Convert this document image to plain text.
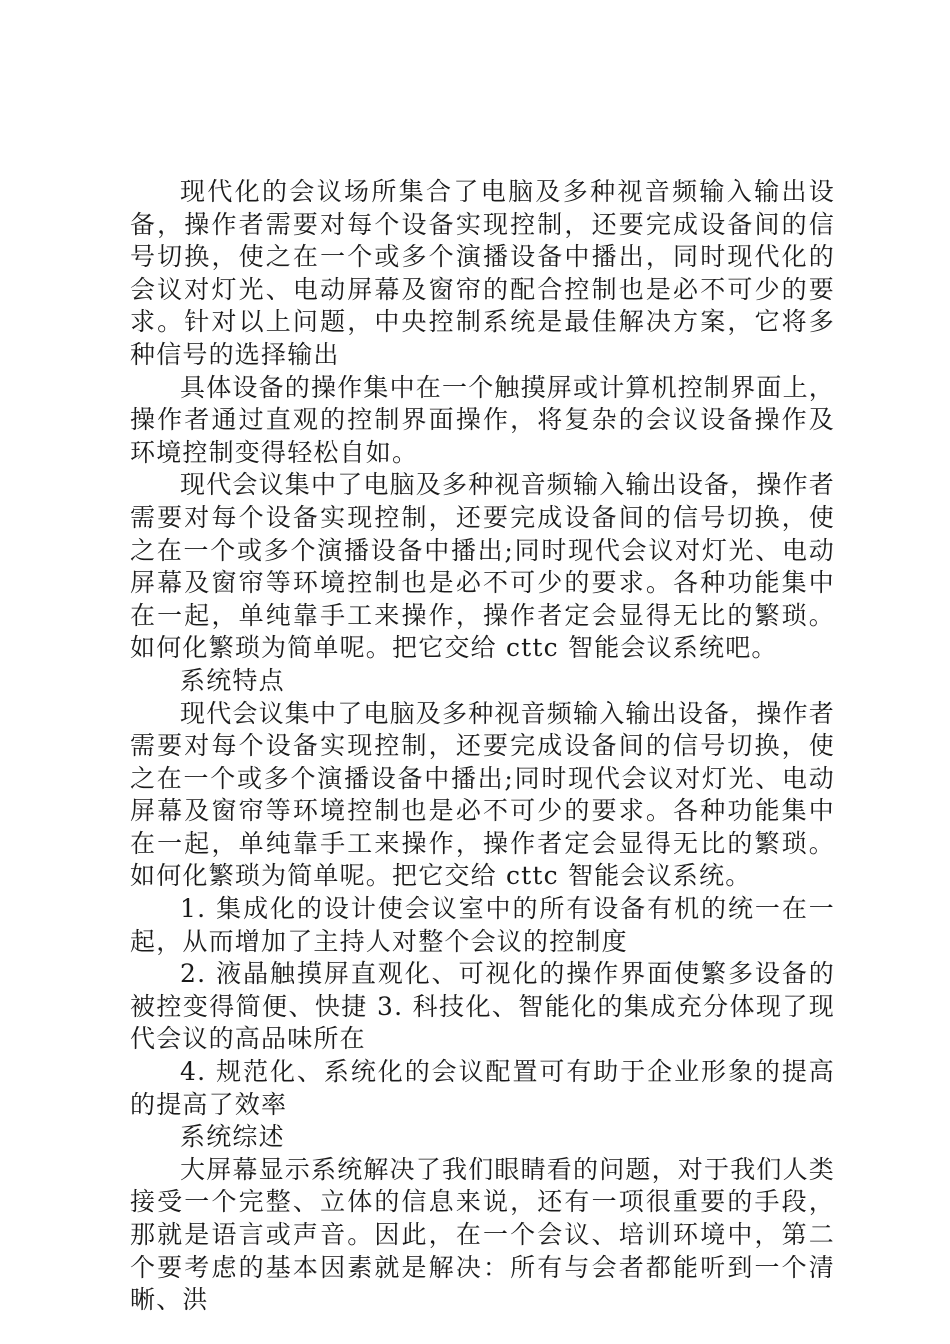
现代化的会议场所集合了电脑及多种视音频输入输出设备，操作者需要对每个设备实现控制，还要完成设备间的信号切换，使之在一个或多个演播设备中播出，同时现代化的会议对灯光、电动屏幕及窗帘的配合控制也是必不可少的要求。针对以上问题，中央控制系统是最佳解决方案，它将多种信号的选择输出

具体设备的操作集中在一个触摸屏或计算机控制界面上，操作者通过直观的控制界面操作，将复杂的会议设备操作及环境控制变得轻松自如。

现代会议集中了电脑及多种视音频输入输出设备，操作者需要对每个设备实现控制，还要完成设备间的信号切换，使之在一个或多个演播设备中播出;同时现代会议对灯光、电动屏幕及窗帘等环境控制也是必不可少的要求。各种功能集中在一起，单纯靠手工来操作，操作者定会显得无比的繁琐。如何化繁琐为简单呢。把它交给 cttc 智能会议系统吧。

系统特点

现代会议集中了电脑及多种视音频输入输出设备，操作者需要对每个设备实现控制，还要完成设备间的信号切换，使之在一个或多个演播设备中播出;同时现代会议对灯光、电动屏幕及窗帘等环境控制也是必不可少的要求。各种功能集中在一起，单纯靠手工来操作，操作者定会显得无比的繁琐。如何化繁琐为简单呢。把它交给 cttc 智能会议系统。

1. 集成化的设计使会议室中的所有设备有机的统一在一起，从而增加了主持人对整个会议的控制度

2. 液晶触摸屏直观化、可视化的操作界面使繁多设备的被控变得简便、快捷 3. 科技化、智能化的集成充分体现了现代会议的高品味所在

4. 规范化、系统化的会议配置可有助于企业形象的提高的提高了效率

系统综述

大屏幕显示系统解决了我们眼睛看的问题，对于我们人类接受一个完整、立体的信息来说，还有一项很重要的手段，那就是语言或声音。因此，在一个会议、培训环境中，第二个要考虑的基本因素就是解决：所有与会者都能听到一个清晰、洪
